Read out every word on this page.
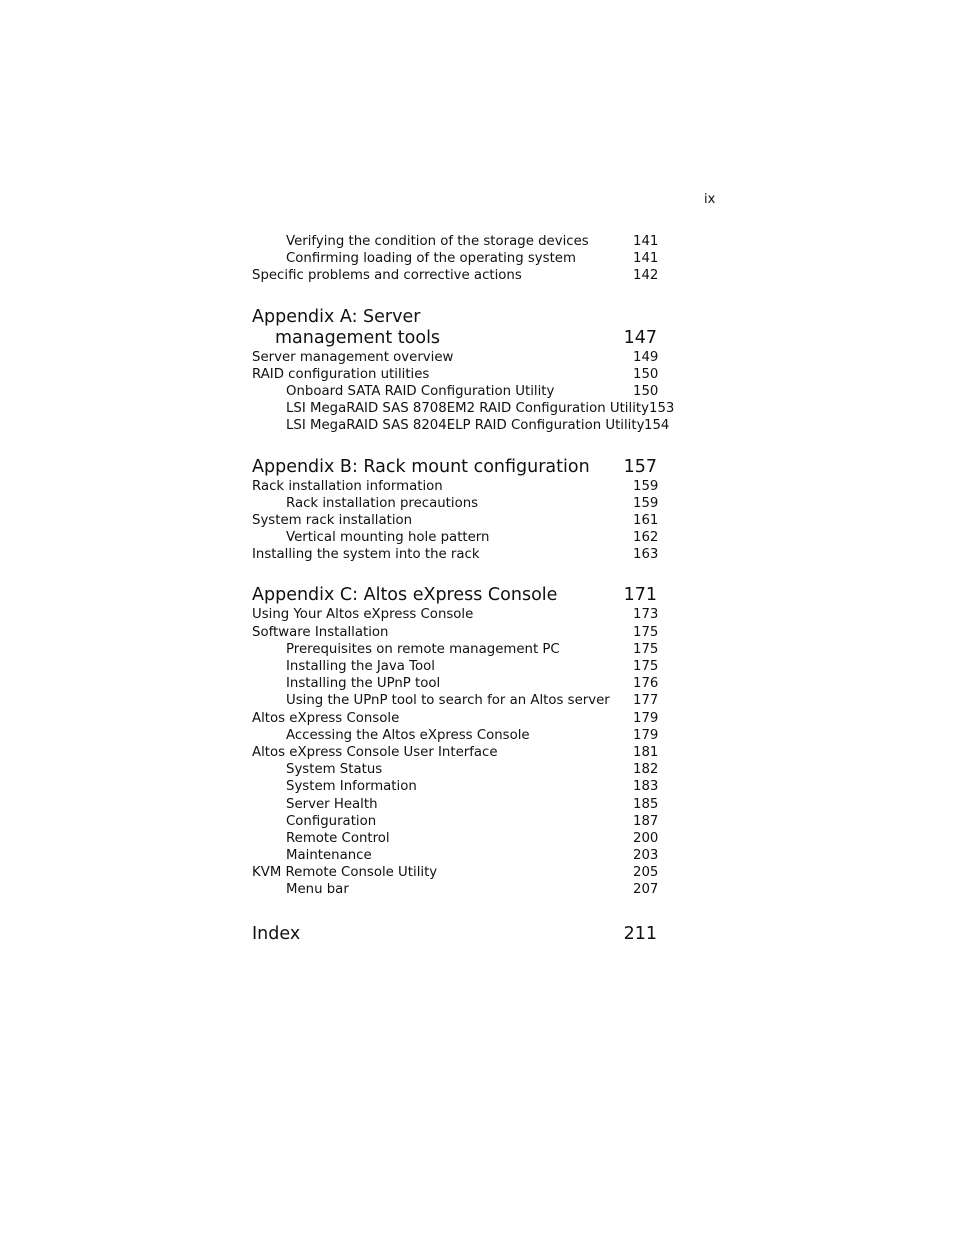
ix
Verifying the condition of the storage devices	141
Confirming loading of the operating system	141
Specific problems and corrective actions	142
Appendix A: Server
management tools	147
Server management overview	149
RAID configuration utilities	150
Onboard SATA RAID Configuration Utility	150
LSI MegaRAID SAS 8708EM2 RAID Configuration Utility 153
LSI MegaRAID SAS 8204ELP RAID Configuration Utility 154
Appendix B: Rack mount configuration	157
Rack installation information	159
Rack installation precautions	159
System rack installation	161
Vertical mounting hole pattern	162
Installing the system into the rack	163
Appendix C: Altos eXpress Console	171
Using Your Altos eXpress Console	173
Software Installation	175
Prerequisites on remote management PC	175
Installing the Java Tool	175
Installing the UPnP tool	176
Using the UPnP tool to search for an Altos server 177
Altos eXpress Console	179
Accessing the Altos eXpress Console	179
Altos eXpress Console User Interface	181
System Status	182
System Information	183
Server Health	185
Configuration	187
Remote Control	200
Maintenance	203
KVM Remote Console Utility	205
Menu bar	207
Index	211
